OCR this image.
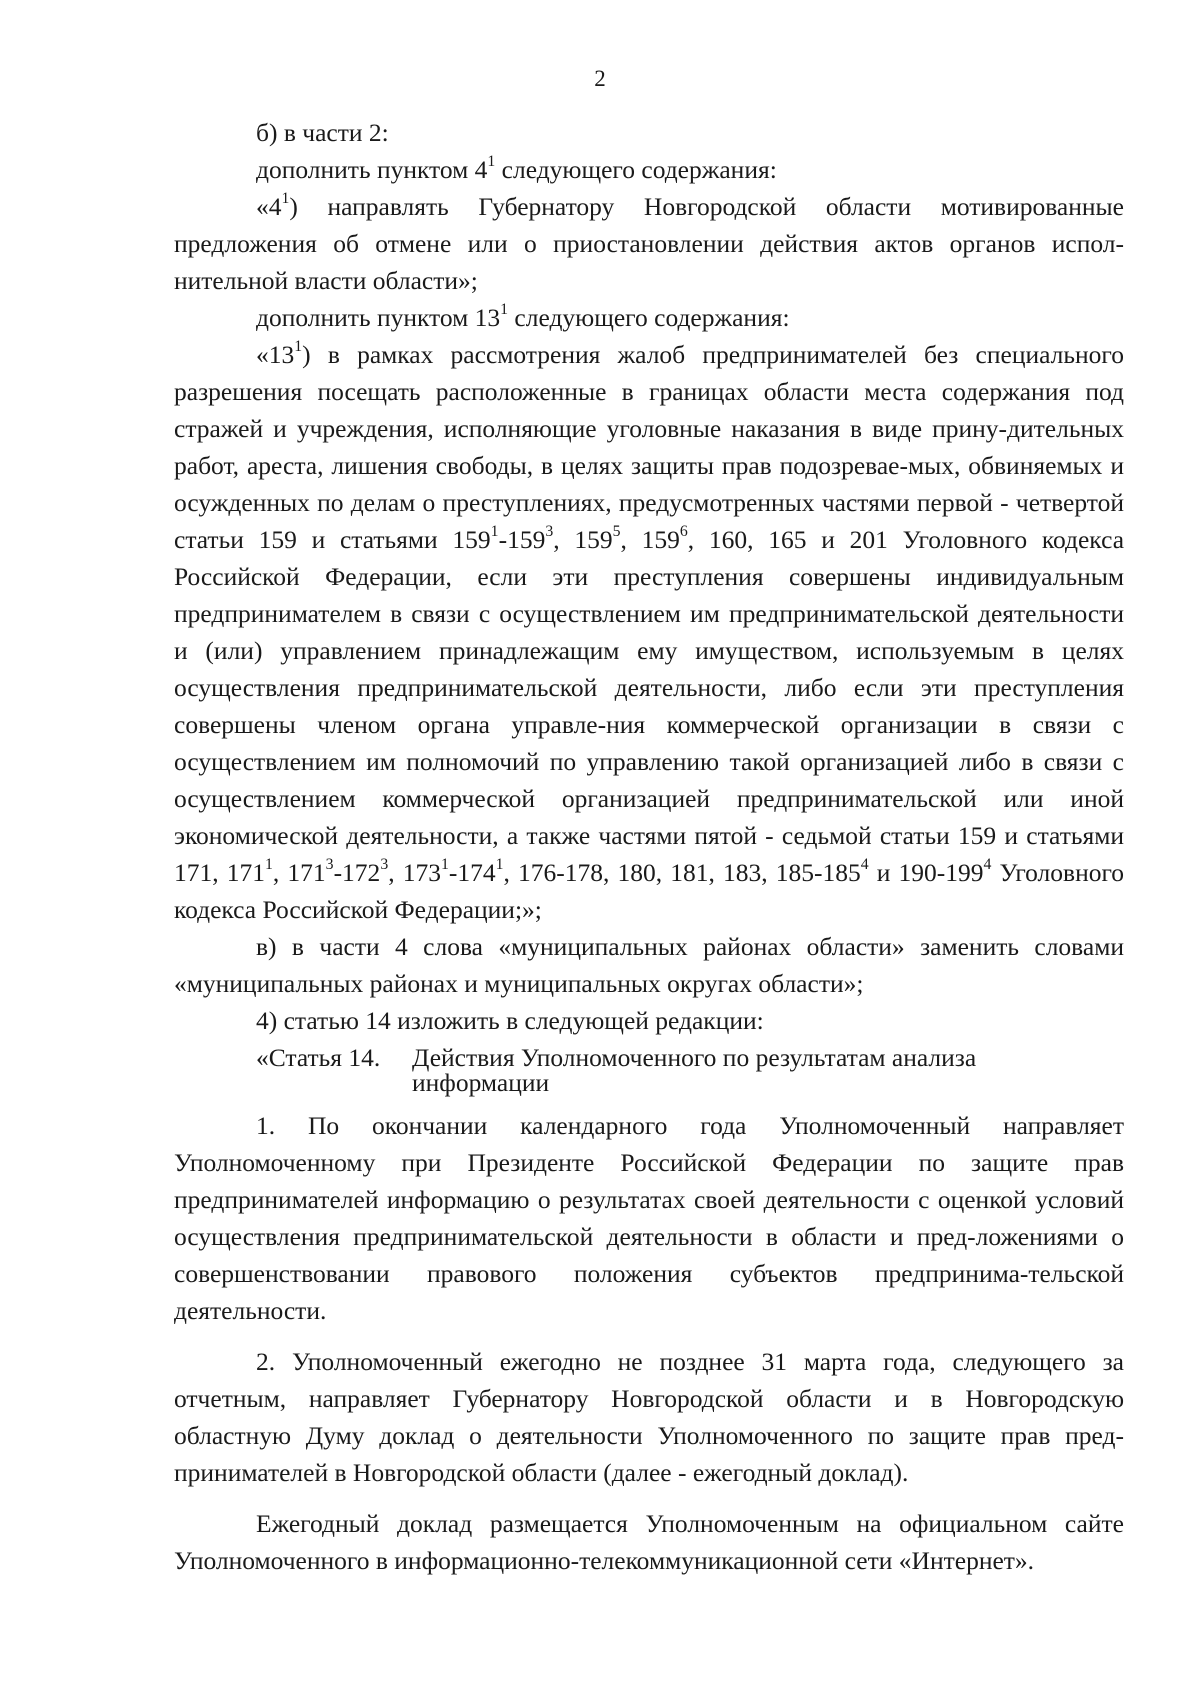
2

б) в части 2:

дополнить пунктом $4^1$ следующего содержания:

«$4^1$) направлять Губернатору Новгородской области мотивированные предложения об отмене или о приостановлении действия актов органов испол-нительной власти области»;

дополнить пунктом $13^1$ следующего содержания:

«$13^1$) в рамках рассмотрения жалоб предпринимателей без специального разрешения посещать расположенные в границах области места содержания под стражей и учреждения, исполняющие уголовные наказания в виде прину-дительных работ, ареста, лишения свободы, в целях защиты прав подозревае-мых, обвиняемых и осужденных по делам о преступлениях, предусмотренных частями первой - четвертой статьи 159 и статьями $159^1-159^3$, $159^5$, $159^6$, 160, 165 и 201 Уголовного кодекса Российской Федерации, если эти преступления совершены индивидуальным предпринимателем в связи с осуществлением им предпринимательской деятельности и (или) управлением принадлежащим ему имуществом, используемым в целях осуществления предпринимательской деятельности, либо если эти преступления совершены членом органа управле-ния коммерческой организации в связи с осуществлением им полномочий по управлению такой организацией либо в связи с осуществлением коммерческой организацией предпринимательской или иной экономической деятельности, а также частями пятой - седьмой статьи 159 и статьями 171, $171^1$, $171^3-172^3$, $173^1-174^1$, 176-178, 180, 181, 183, $185-185^4$ и $190-199^4$ Уголовного кодекса Российской Федерации;»;

в) в части 4 слова «муниципальных районах области» заменить словами «муниципальных районах и муниципальных округах области»;

4) статью 14 изложить в следующей редакции:

«Статья 14.	Действия Уполномоченного по результатам анализа информации

1. По окончании календарного года Уполномоченный направляет Уполномоченному при Президенте Российской Федерации по защите прав предпринимателей информацию о результатах своей деятельности с оценкой условий осуществления предпринимательской деятельности в области и пред-ложениями о совершенствовании правового положения субъектов предпринима-тельской деятельности.

2. Уполномоченный ежегодно не позднее 31 марта года, следующего за отчетным, направляет Губернатору Новгородской области и в Новгородскую областную Думу доклад о деятельности Уполномоченного по защите прав пред-принимателей в Новгородской области (далее - ежегодный доклад).

Ежегодный доклад размещается Уполномоченным на официальном сайте Уполномоченного в информационно-телекоммуникационной сети «Интернет».
